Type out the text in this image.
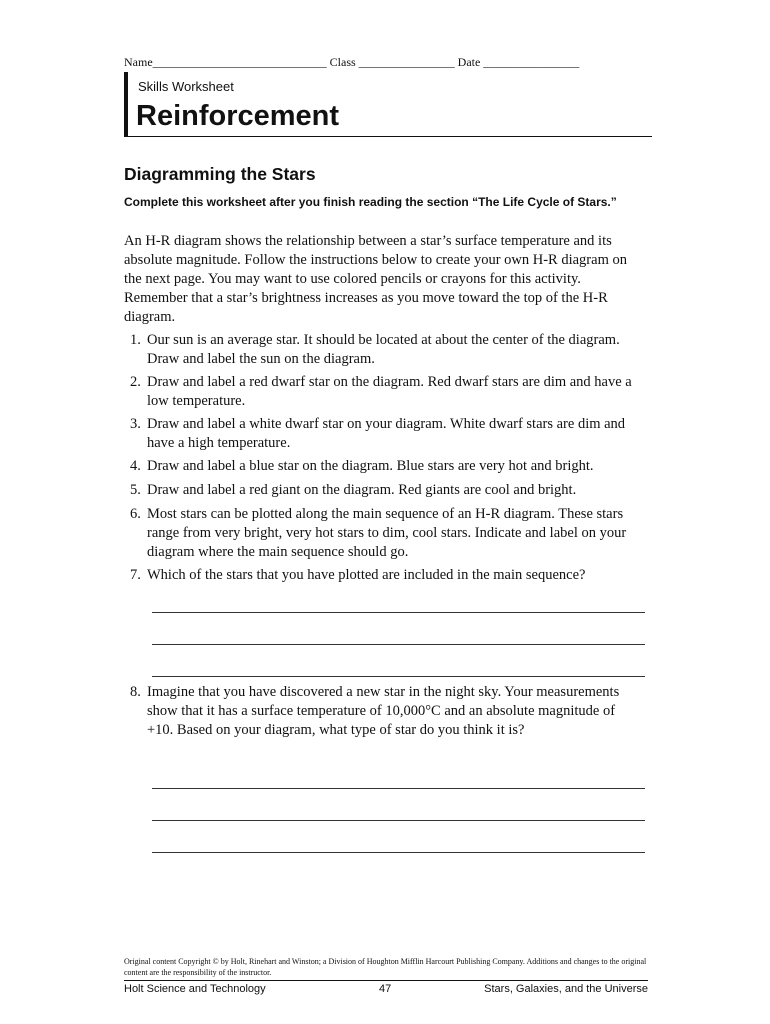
Name_____________________________ Class ________________ Date ________________
Skills Worksheet
Reinforcement
Diagramming the Stars
Complete this worksheet after you finish reading the section “The Life Cycle of Stars.”
An H-R diagram shows the relationship between a star’s surface temperature and its absolute magnitude. Follow the instructions below to create your own H-R diagram on the next page. You may want to use colored pencils or crayons for this activity. Remember that a star’s brightness increases as you move toward the top of the H-R diagram.
1. Our sun is an average star. It should be located at about the center of the diagram. Draw and label the sun on the diagram.
2. Draw and label a red dwarf star on the diagram. Red dwarf stars are dim and have a low temperature.
3. Draw and label a white dwarf star on your diagram. White dwarf stars are dim and have a high temperature.
4. Draw and label a blue star on the diagram. Blue stars are very hot and bright.
5. Draw and label a red giant on the diagram. Red giants are cool and bright.
6. Most stars can be plotted along the main sequence of an H-R diagram. These stars range from very bright, very hot stars to dim, cool stars. Indicate and label on your diagram where the main sequence should go.
7. Which of the stars that you have plotted are included in the main sequence?
8. Imagine that you have discovered a new star in the night sky. Your measurements show that it has a surface temperature of 10,000°C and an absolute magnitude of +10. Based on your diagram, what type of star do you think it is?
Original content Copyright © by Holt, Rinehart and Winston; a Division of Houghton Mifflin Harcourt Publishing Company. Additions and changes to the original content are the responsibility of the instructor.
Holt Science and Technology	47	Stars, Galaxies, and the Universe
